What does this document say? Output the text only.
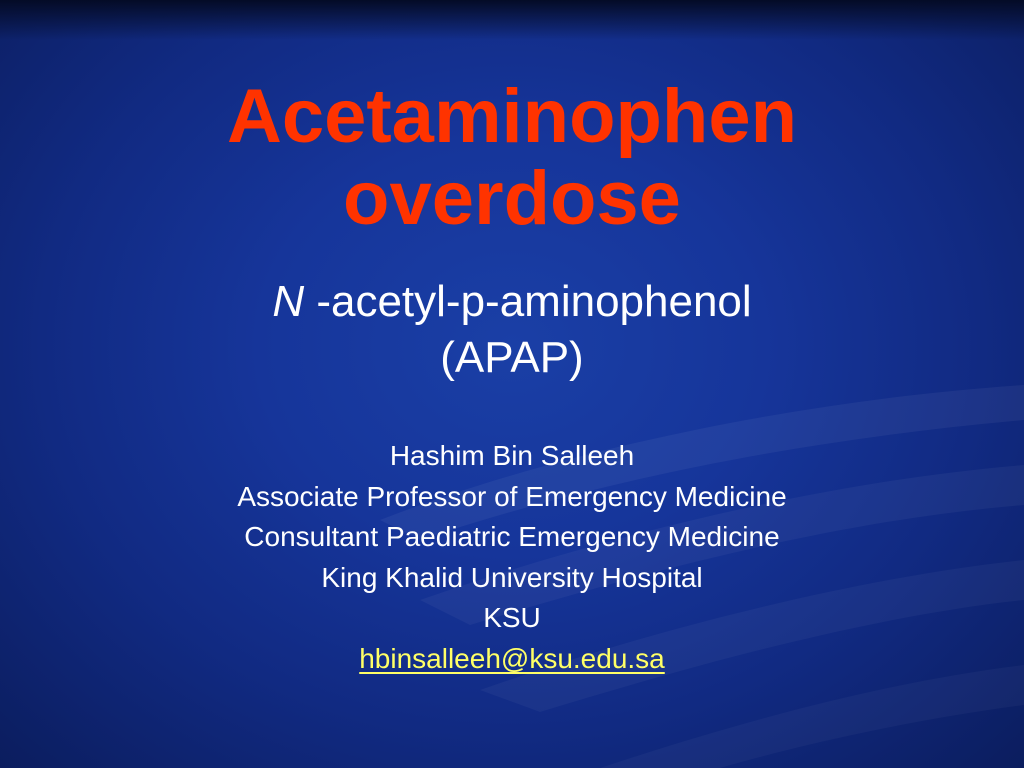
Acetaminophen
overdose
N -acetyl-p-aminophenol
(APAP)
Hashim Bin Salleeh
Associate Professor of Emergency Medicine
Consultant Paediatric Emergency Medicine
King Khalid University Hospital
KSU
hbinsalleeh@ksu.edu.sa
